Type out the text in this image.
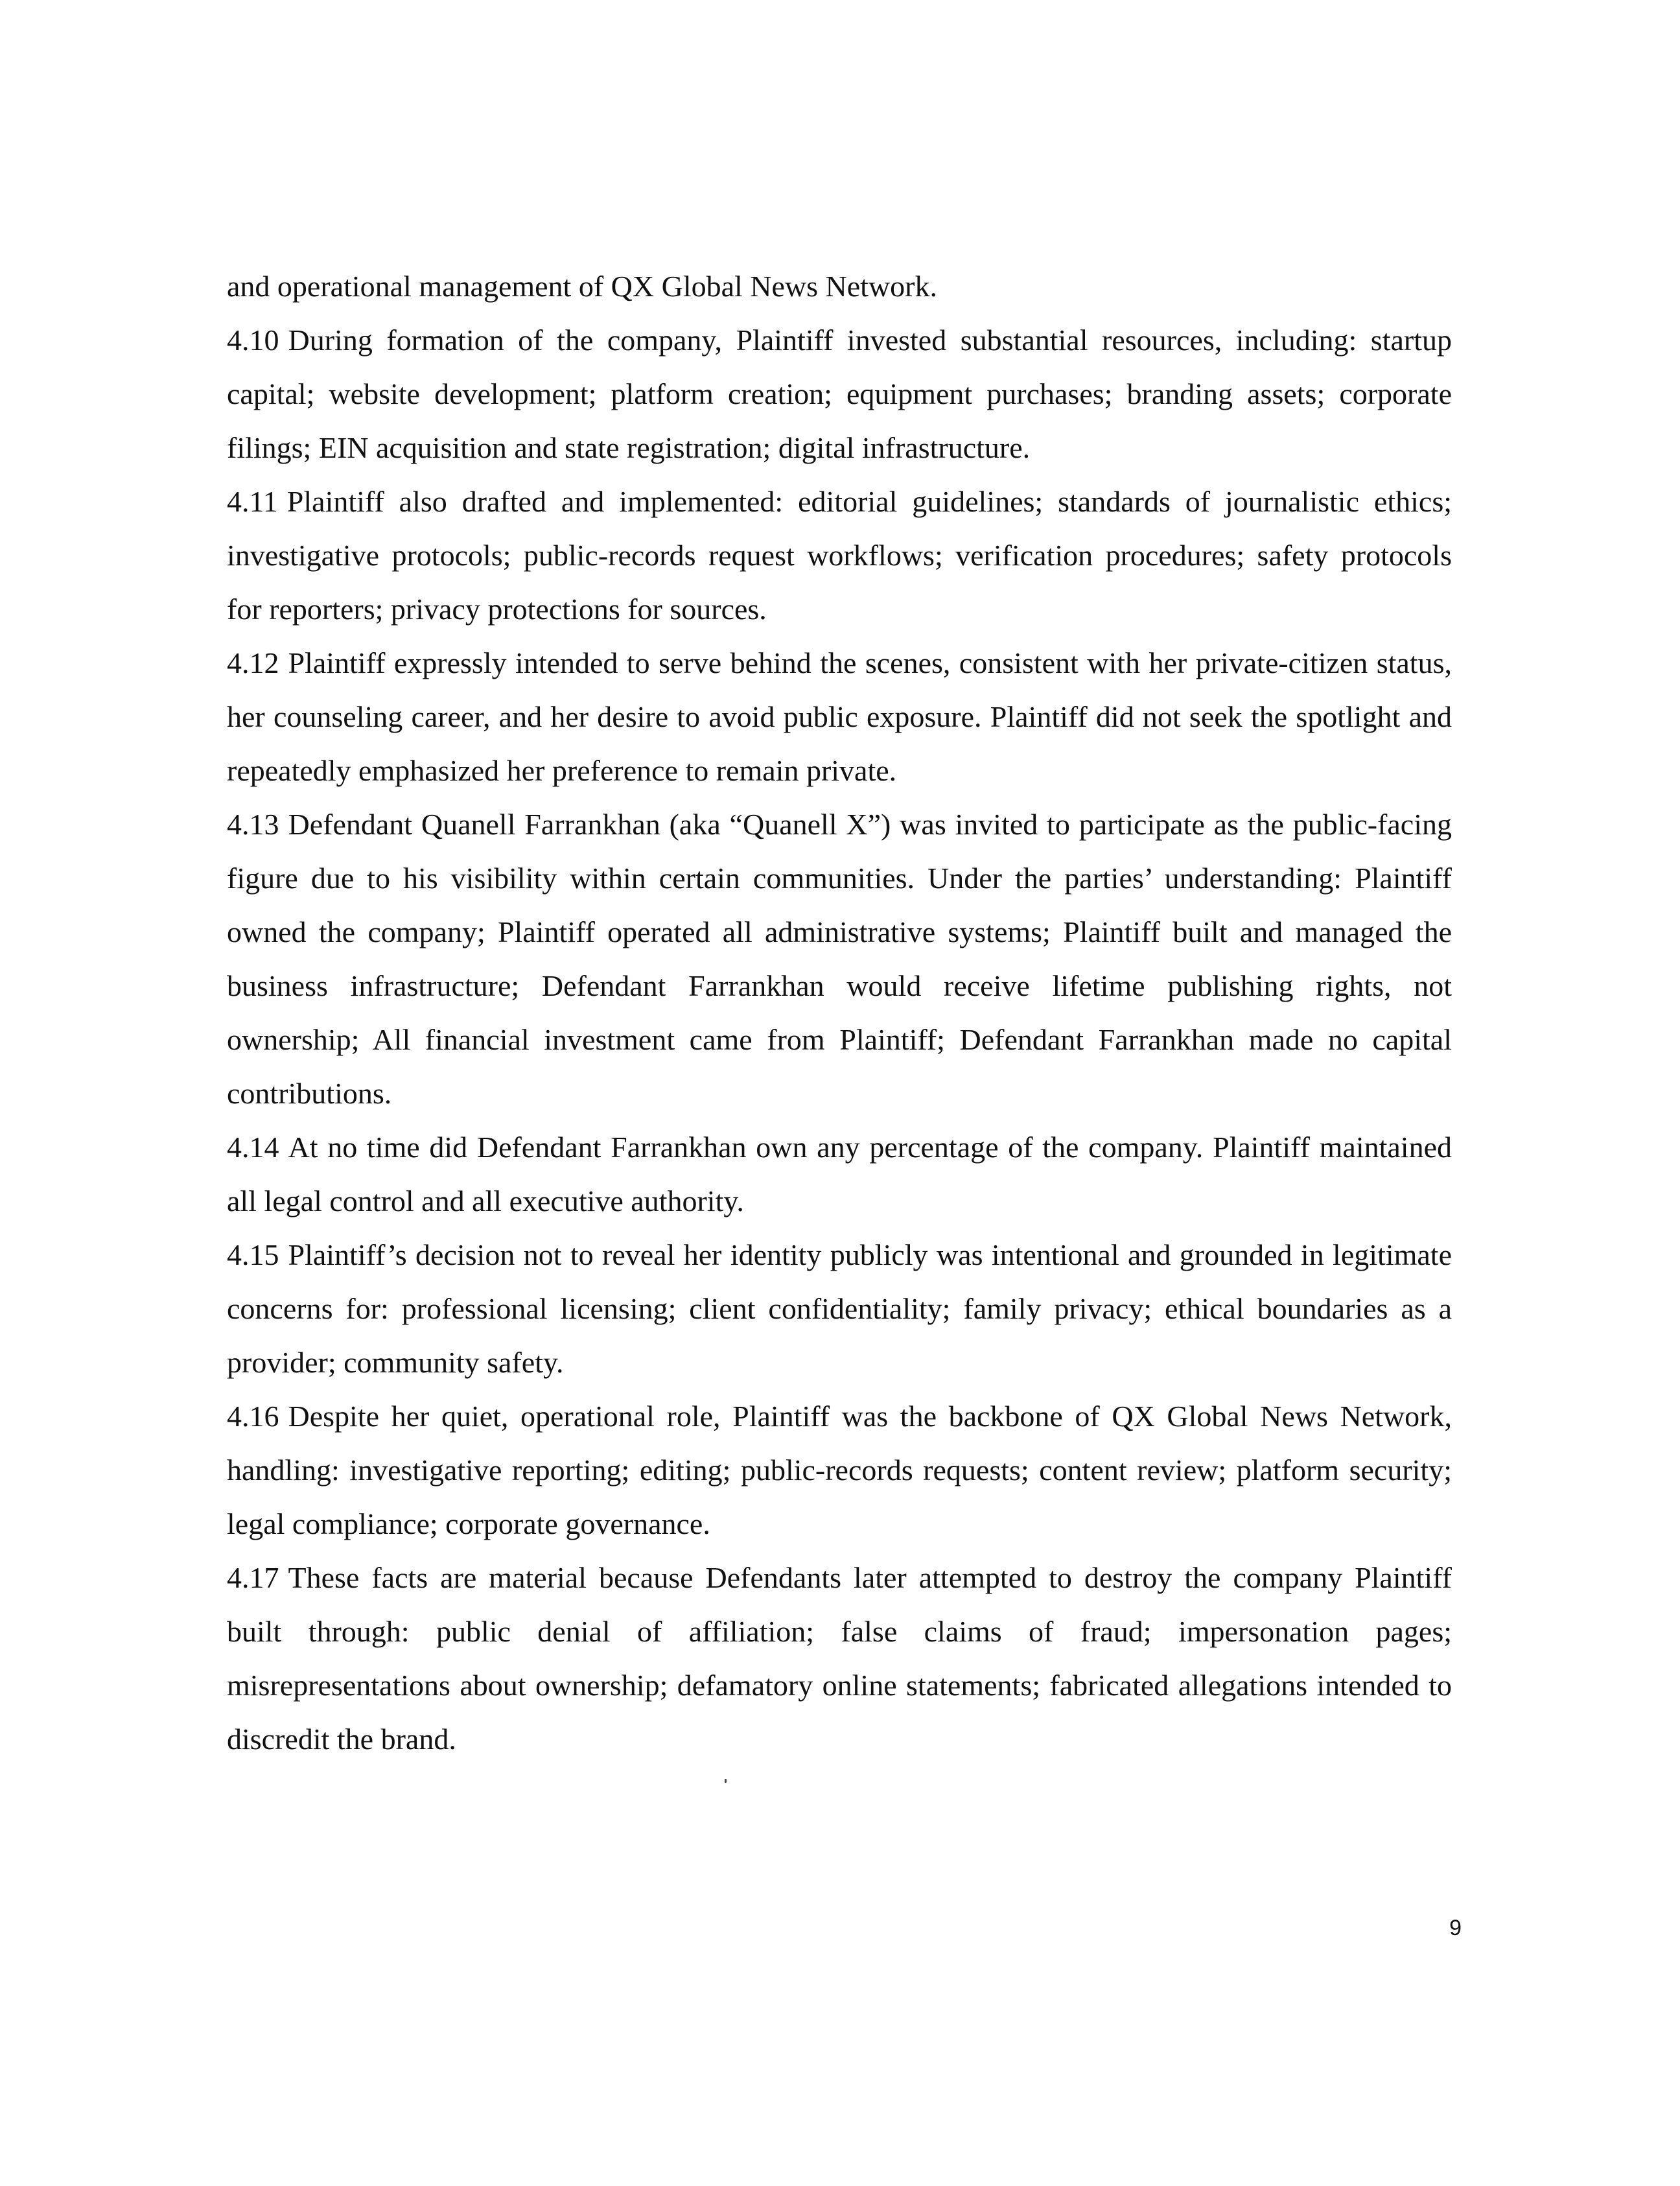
and operational management of QX Global News Network.

4.10 During formation of the company, Plaintiff invested substantial resources, including: startup capital; website development; platform creation; equipment purchases; branding assets; corporate filings; EIN acquisition and state registration; digital infrastructure.

4.11 Plaintiff also drafted and implemented: editorial guidelines; standards of journalistic ethics; investigative protocols; public-records request workflows; verification procedures; safety protocols for reporters; privacy protections for sources.

4.12 Plaintiff expressly intended to serve behind the scenes, consistent with her private-citizen status, her counseling career, and her desire to avoid public exposure. Plaintiff did not seek the spotlight and repeatedly emphasized her preference to remain private.

4.13 Defendant Quanell Farrankhan (aka “Quanell X”) was invited to participate as the public-facing figure due to his visibility within certain communities. Under the parties’ understanding: Plaintiff owned the company; Plaintiff operated all administrative systems; Plaintiff built and managed the business infrastructure; Defendant Farrankhan would receive lifetime publishing rights, not ownership; All financial investment came from Plaintiff; Defendant Farrankhan made no capital contributions.

4.14 At no time did Defendant Farrankhan own any percentage of the company. Plaintiff maintained all legal control and all executive authority.

4.15 Plaintiff’s decision not to reveal her identity publicly was intentional and grounded in legitimate concerns for: professional licensing; client confidentiality; family privacy; ethical boundaries as a provider; community safety.

4.16 Despite her quiet, operational role, Plaintiff was the backbone of QX Global News Network, handling: investigative reporting; editing; public-records requests; content review; platform security; legal compliance; corporate governance.

4.17 These facts are material because Defendants later attempted to destroy the company Plaintiff built through: public denial of affiliation; false claims of fraud; impersonation pages; misrepresentations about ownership; defamatory online statements; fabricated allegations intended to discredit the brand.

9
